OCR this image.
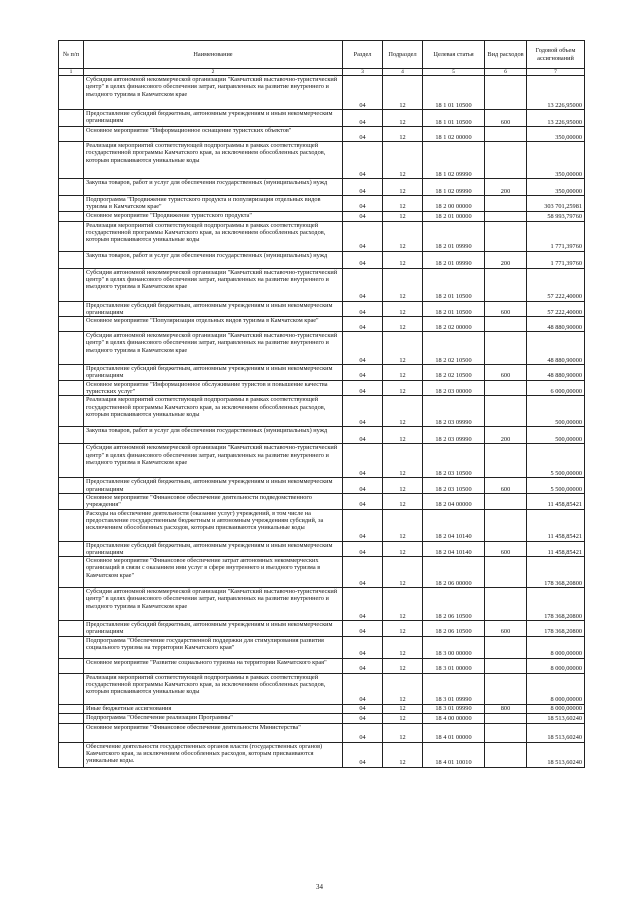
№ п/п	Наименование	Раздел	Подраздел	Целевая статья	Вид расходов	Годовой объем ассигнований
1	2	3	4	5	6	7
	Субсидия автономной некоммерческой организации "Камчатский выставочно-туристический центр" в целях финансового обеспечения затрат, направленных на развитие внутреннего и въездного туризма в Камчатском крае	04	12	18 1 01 10500		13 226,95000
	Предоставление субсидий бюджетным, автономным учреждениям и иным некоммерческим организациям	04	12	18 1 01 10500	600	13 226,95000
	Основное мероприятие "Информационное оснащение туристских объектов"	04	12	18 1 02 00000		350,00000
	Реализация мероприятий соответствующей подпрограммы в рамках соответствующей государственной программы Камчатского края, за исключением обособленных расходов, которым присваиваются уникальные коды	04	12	18 1 02 09990		350,00000
	Закупка товаров, работ и услуг для обеспечения государственных (муниципальных) нужд	04	12	18 1 02 09990	200	350,00000
	Подпрограмма "Продвижение туристского продукта и популяризация отдельных видов туризма в Камчатском крае"	04	12	18 2 00 00000		303 701,25981
	Основное мероприятие "Продвижение туристского продукта"	04	12	18 2 01 00000		58 993,79760
	Реализация мероприятий соответствующей подпрограммы в рамках соответствующей государственной программы Камчатского края, за исключением обособленных расходов, которым присваиваются уникальные коды	04	12	18 2 01 09990		1 771,39760
	Закупка товаров, работ и услуг для обеспечения государственных (муниципальных) нужд	04	12	18 2 01 09990	200	1 771,39760
	Субсидия автономной некоммерческой организации "Камчатский выставочно-туристический центр" в целях финансового обеспечения затрат, направленных на развитие внутреннего и въездного туризма в Камчатском крае	04	12	18 2 01 10500		57 222,40000
	Предоставление субсидий бюджетным, автономным учреждениям и иным некоммерческим организациям	04	12	18 2 01 10500	600	57 222,40000
	Основное мероприятие "Популяризация отдельных видов туризма в Камчатском крае"	04	12	18 2 02 00000		48 880,90000
	Субсидия автономной некоммерческой организации "Камчатский выставочно-туристический центр" в целях финансового обеспечения затрат, направленных на развитие внутреннего и въездного туризма в Камчатском крае	04	12	18 2 02 10500		48 880,90000
	Предоставление субсидий бюджетным, автономным учреждениям и иным некоммерческим организациям	04	12	18 2 02 10500	600	48 880,90000
	Основное мероприятие "Информационное обслуживание туристов и повышение качества туристских услуг"	04	12	18 2 03 00000		6 000,00000
	Реализация мероприятий соответствующей подпрограммы в рамках соответствующей государственной программы Камчатского края, за исключением обособленных расходов, которым присваиваются уникальные коды	04	12	18 2 03 09990		500,00000
	Закупка товаров, работ и услуг для обеспечения государственных (муниципальных) нужд	04	12	18 2 03 09990	200	500,00000
	Субсидия автономной некоммерческой организации "Камчатский выставочно-туристический центр" в целях финансового обеспечения затрат, направленных на развитие внутреннего и въездного туризма в Камчатском крае	04	12	18 2 03 10500		5 500,00000
	Предоставление субсидий бюджетным, автономным учреждениям и иным некоммерческим организациям	04	12	18 2 03 10500	600	5 500,00000
	Основное мероприятие "Финансовое обеспечение деятельности подведомственного учреждения"	04	12	18 2 04 00000		11 458,85421
	Расходы на обеспечение деятельности (оказание услуг) учреждений, в том числе на предоставление государственным бюджетным и автономным учреждениям субсидий, за исключением обособленных расходов, которым присваиваются уникальные коды	04	12	18 2 04 10140		11 458,85421
	Предоставление субсидий бюджетным, автономным учреждениям и иным некоммерческим организациям	04	12	18 2 04 10140	600	11 458,85421
	Основное мероприятие "Финансовое обеспечение затрат автономных некоммерческих организаций в связи с оказанием ими услуг в сфере внутреннего и въездного туризма в Камчатском крае"	04	12	18 2 06 00000		178 368,20800
	Субсидия автономной некоммерческой организации "Камчатский выставочно-туристический центр" в целях финансового обеспечения затрат, направленных на развитие внутреннего и въездного туризма в Камчатском крае	04	12	18 2 06 10500		178 368,20800
	Предоставление субсидий бюджетным, автономным учреждениям и иным некоммерческим организациям	04	12	18 2 06 10500	600	178 368,20800
	Подпрограмма "Обеспечение государственной поддержки для стимулирования развития социального туризма на территории Камчатского края"	04	12	18 3 00 00000		8 000,00000
	Основное мероприятие "Развитие социального туризма на территории Камчатского края"	04	12	18 3 01 00000		8 000,00000
	Реализация мероприятий соответствующей подпрограммы в рамках соответствующей государственной программы Камчатского края, за исключением обособленных расходов, которым присваиваются уникальные коды	04	12	18 3 01 09990		8 000,00000
	Иные бюджетные ассигнования	04	12	18 3 01 09990	800	8 000,00000
	Подпрограмма "Обеспечение реализации Программы"	04	12	18 4 00 00000		18 513,60240
	Основное мероприятие "Финансовое обеспечение деятельности Министерства"	04	12	18 4 01 00000		18 513,60240
	Обеспечение деятельности государственных органов власти (государственных органов) Камчатского края, за исключением обособленных расходов, которым присваиваются уникальные коды.	04	12	18 4 01 10010		18 513,60240
34
